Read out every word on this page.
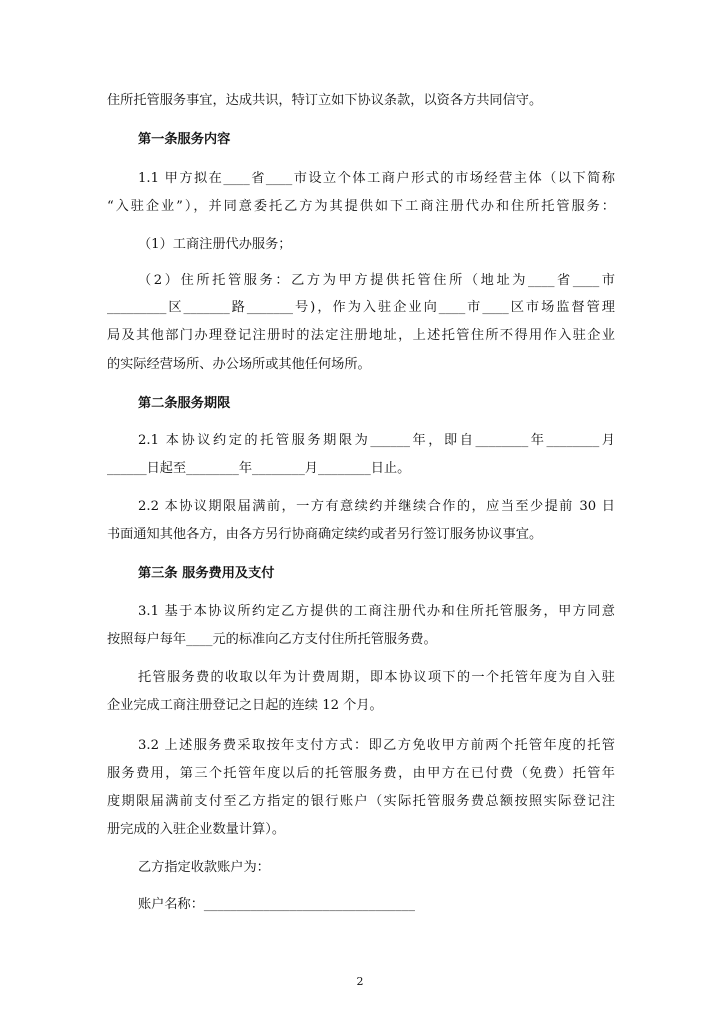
住所托管服务事宜，达成共识，特订立如下协议条款，以资各方共同信守。
第一条服务内容
1.1 甲方拟在____省____市设立个体工商户形式的市场经营主体（以下简称
“入驻企业”），并同意委托乙方为其提供如下工商注册代办和住所托管服务：
（1）工商注册代办服务；
（2）住所托管服务：乙方为甲方提供托管住所（地址为____省____市
_________区_______路_______号)，作为入驻企业向____市____区市场监督管理
局及其他部门办理登记注册时的法定注册地址，上述托管住所不得用作入驻企业
的实际经营场所、办公场所或其他任何场所。
第二条服务期限
2.1 本协议约定的托管服务期限为______年，即自________年________月
______日起至________年________月________日止。
2.2 本协议期限届满前，一方有意续约并继续合作的，应当至少提前 30 日
书面通知其他各方，由各方另行协商确定续约或者另行签订服务协议事宜。
第三条 服务费用及支付
3.1 基于本协议所约定乙方提供的工商注册代办和住所托管服务，甲方同意
按照每户每年____元的标准向乙方支付住所托管服务费。
托管服务费的收取以年为计费周期，即本协议项下的一个托管年度为自入驻
企业完成工商注册登记之日起的连续 12 个月。
3.2 上述服务费采取按年支付方式：即乙方免收甲方前两个托管年度的托管
服务费用，第三个托管年度以后的托管服务费，由甲方在已付费（免费）托管年
度期限届满前支付至乙方指定的银行账户（实际托管服务费总额按照实际登记注
册完成的入驻企业数量计算）。
乙方指定收款账户为：
账户名称：________________________________
2
